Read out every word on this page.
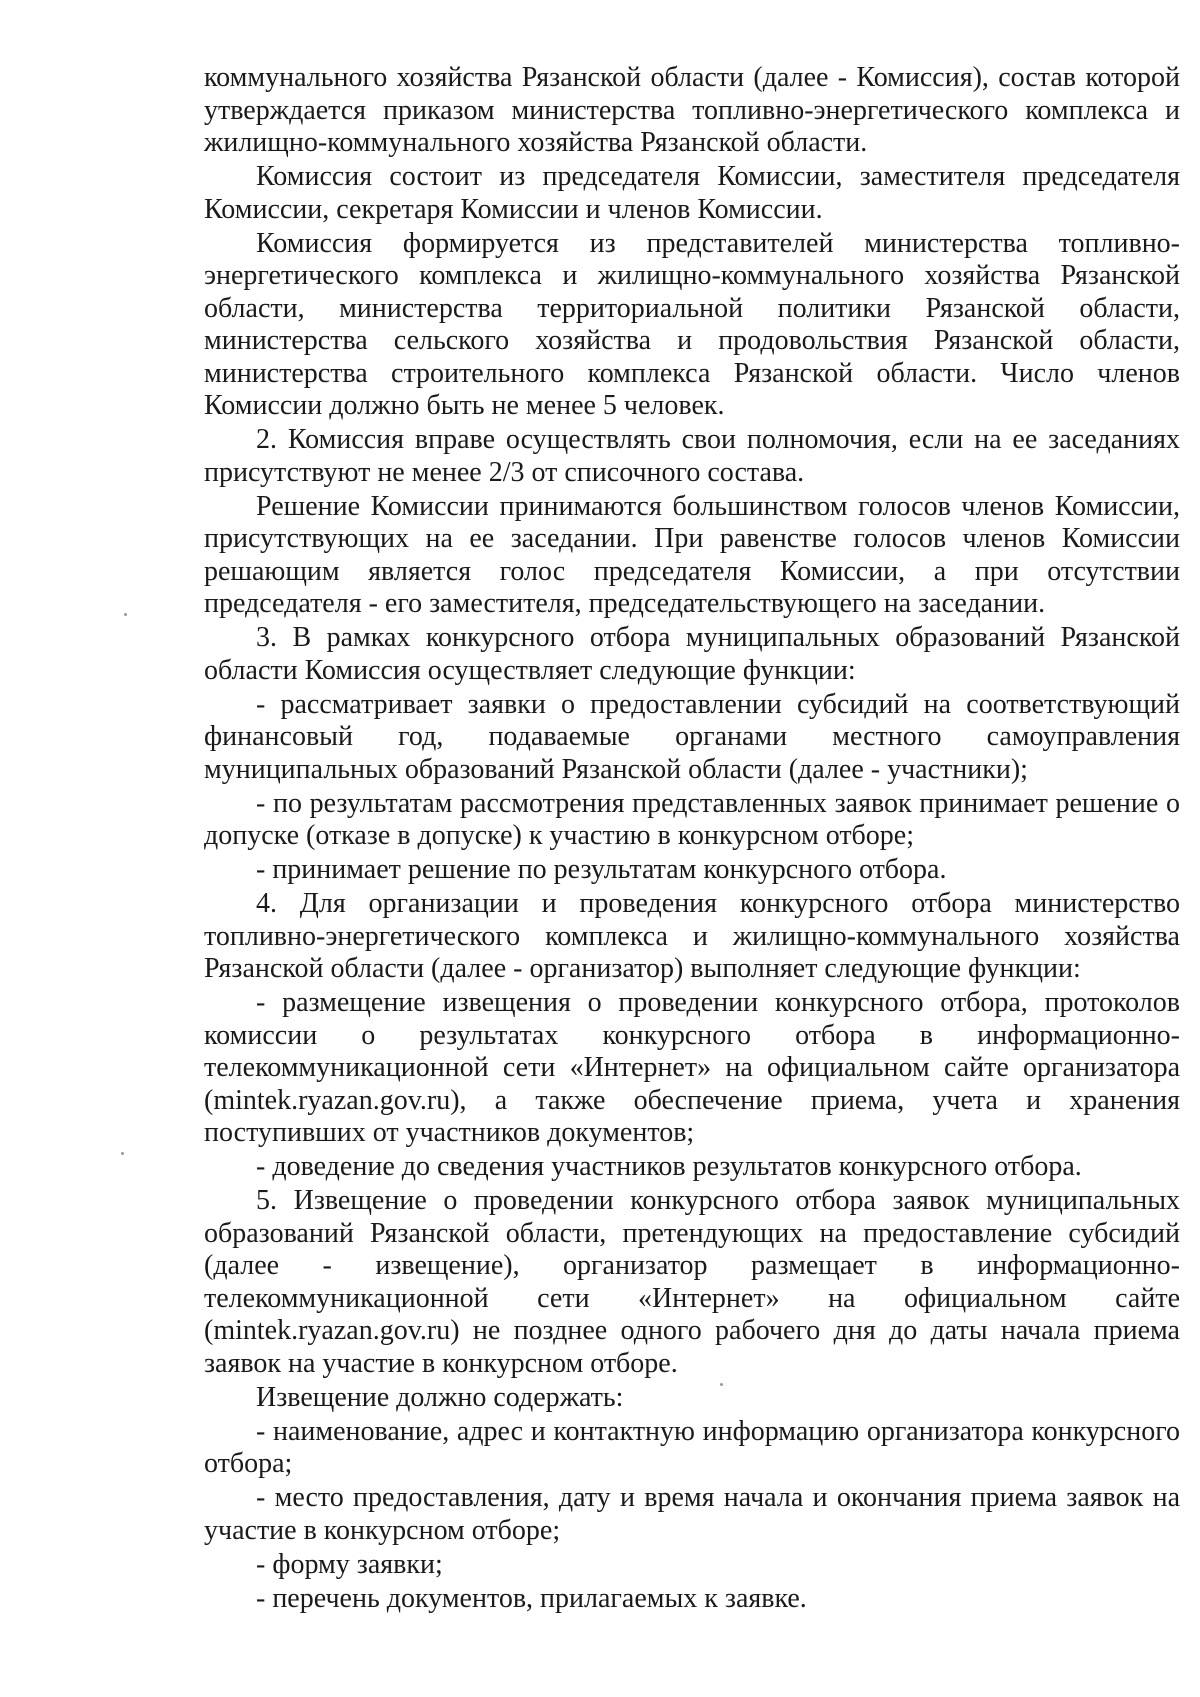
коммунального хозяйства Рязанской области (далее - Комиссия), состав которой утверждается приказом министерства топливно-энергетического комплекса и жилищно-коммунального хозяйства Рязанской области.

Комиссия состоит из председателя Комиссии, заместителя председателя Комиссии, секретаря Комиссии и членов Комиссии.

Комиссия формируется из представителей министерства топливно-энергетического комплекса и жилищно-коммунального хозяйства Рязанской области, министерства территориальной политики Рязанской области, министерства сельского хозяйства и продовольствия Рязанской области, министерства строительного комплекса Рязанской области. Число членов Комиссии должно быть не менее 5 человек.

2. Комиссия вправе осуществлять свои полномочия, если на ее заседаниях присутствуют не менее 2/3 от списочного состава.

Решение Комиссии принимаются большинством голосов членов Комиссии, присутствующих на ее заседании. При равенстве голосов членов Комиссии решающим является голос председателя Комиссии, а при отсутствии председателя - его заместителя, председательствующего на заседании.

3. В рамках конкурсного отбора муниципальных образований Рязанской области Комиссия осуществляет следующие функции:

- рассматривает заявки о предоставлении субсидий на соответствующий финансовый год, подаваемые органами местного самоуправления муниципальных образований Рязанской области (далее - участники);

- по результатам рассмотрения представленных заявок принимает решение о допуске (отказе в допуске) к участию в конкурсном отборе;

- принимает решение по результатам конкурсного отбора.

4. Для организации и проведения конкурсного отбора министерство топливно-энергетического комплекса и жилищно-коммунального хозяйства Рязанской области (далее - организатор) выполняет следующие функции:

- размещение извещения о проведении конкурсного отбора, протоколов комиссии о результатах конкурсного отбора в информационно-телекоммуникационной сети «Интернет» на официальном сайте организатора (mintek.ryazan.gov.ru), а также обеспечение приема, учета и хранения поступивших от участников документов;

- доведение до сведения участников результатов конкурсного отбора.

5. Извещение о проведении конкурсного отбора заявок муниципальных образований Рязанской области, претендующих на предоставление субсидий (далее - извещение), организатор размещает в информационно-телекоммуникационной сети «Интернет» на официальном сайте (mintek.ryazan.gov.ru) не позднее одного рабочего дня до даты начала приема заявок на участие в конкурсном отборе.

Извещение должно содержать:

- наименование, адрес и контактную информацию организатора конкурсного отбора;

- место предоставления, дату и время начала и окончания приема заявок на участие в конкурсном отборе;

- форму заявки;

- перечень документов, прилагаемых к заявке.
